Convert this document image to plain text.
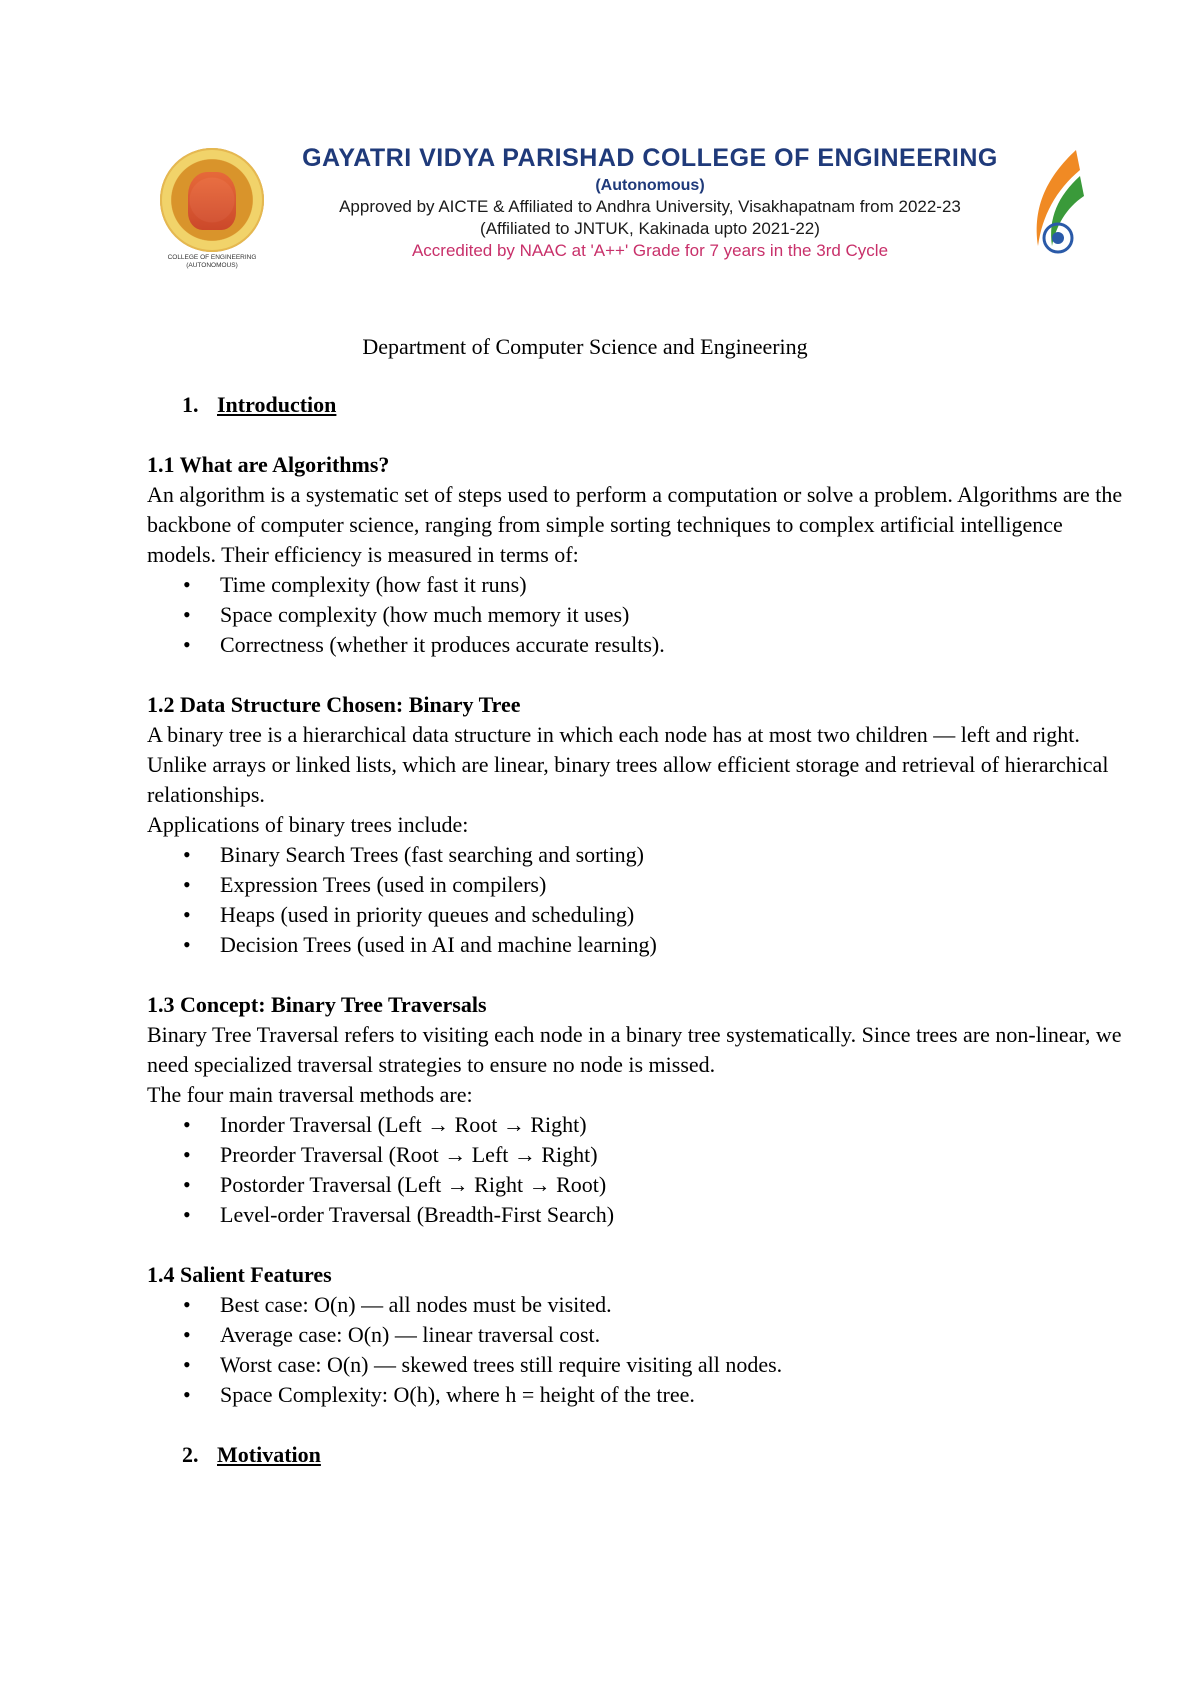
COLLEGE OF ENGINEERING (AUTONOMOUS)
GAYATRI VIDYA PARISHAD COLLEGE OF ENGINEERING
(Autonomous)
Approved by AICTE & Affiliated to Andhra University, Visakhapatnam from 2022-23
(Affiliated to JNTUK, Kakinada upto 2021-22)
Accredited by NAAC at 'A++' Grade for 7 years in the 3rd Cycle
Department of Computer Science and Engineering
1. Introduction
1.1 What are Algorithms?
An algorithm is a systematic set of steps used to perform a computation or solve a problem. Algorithms are the backbone of computer science, ranging from simple sorting techniques to complex artificial intelligence models. Their efficiency is measured in terms of:
• Time complexity (how fast it runs)
• Space complexity (how much memory it uses)
• Correctness (whether it produces accurate results).
1.2 Data Structure Chosen: Binary Tree
A binary tree is a hierarchical data structure in which each node has at most two children — left and right. Unlike arrays or linked lists, which are linear, binary trees allow efficient storage and retrieval of hierarchical relationships.
Applications of binary trees include:
• Binary Search Trees (fast searching and sorting)
• Expression Trees (used in compilers)
• Heaps (used in priority queues and scheduling)
• Decision Trees (used in AI and machine learning)
1.3 Concept: Binary Tree Traversals
Binary Tree Traversal refers to visiting each node in a binary tree systematically. Since trees are non-linear, we need specialized traversal strategies to ensure no node is missed.
The four main traversal methods are:
• Inorder Traversal (Left → Root → Right)
• Preorder Traversal (Root → Left → Right)
• Postorder Traversal (Left → Right → Root)
• Level-order Traversal (Breadth-First Search)
1.4 Salient Features
• Best case: O(n) — all nodes must be visited.
• Average case: O(n) — linear traversal cost.
• Worst case: O(n) — skewed trees still require visiting all nodes.
• Space Complexity: O(h), where h = height of the tree.
2. Motivation
